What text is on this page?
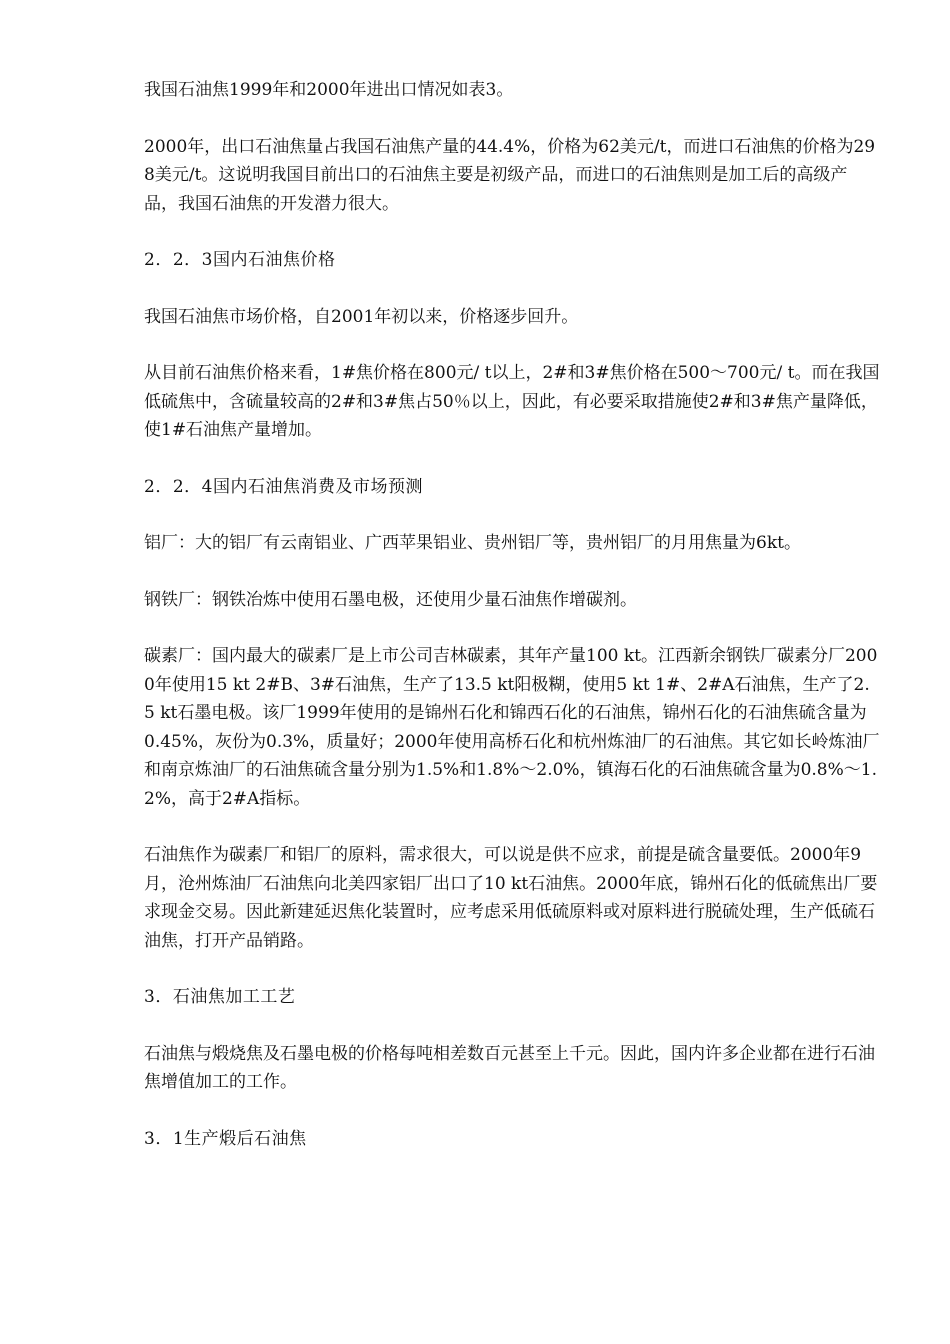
我国石油焦1999年和2000年进出口情况如表3。

2000年，出口石油焦量占我国石油焦产量的44.4%，价格为62美元/t，而进口石油焦的价格为298美元/t。这说明我国目前出口的石油焦主要是初级产品，而进口的石油焦则是加工后的高级产品，我国石油焦的开发潜力很大。

2．2．3国内石油焦价格

我国石油焦市场价格，自2001年初以来，价格逐步回升。

从目前石油焦价格来看，1#焦价格在800元/ t以上，2#和3#焦价格在500～700元/ t。而在我国低硫焦中，含硫量较高的2#和3#焦占50％以上，因此，有必要采取措施使2#和3#焦产量降低，使1#石油焦产量增加。

2．2．4国内石油焦消费及市场预测

铝厂：大的铝厂有云南铝业、广西苹果铝业、贵州铝厂等，贵州铝厂的月用焦量为6kt。

钢铁厂：钢铁冶炼中使用石墨电极，还使用少量石油焦作增碳剂。

碳素厂：国内最大的碳素厂是上市公司吉林碳素，其年产量100 kt。江西新余钢铁厂碳素分厂2000年使用15 kt 2#B、3#石油焦，生产了13.5 kt阳极糊，使用5 kt 1#、2#A石油焦，生产了2.5 kt石墨电极。该厂1999年使用的是锦州石化和锦西石化的石油焦，锦州石化的石油焦硫含量为0.45%，灰份为0.3%，质量好；2000年使用高桥石化和杭州炼油厂的石油焦。其它如长岭炼油厂和南京炼油厂的石油焦硫含量分别为1.5%和1.8%～2.0%，镇海石化的石油焦硫含量为0.8%～1.2%，高于2#A指标。

石油焦作为碳素厂和铝厂的原料，需求很大，可以说是供不应求，前提是硫含量要低。2000年9月，沧州炼油厂石油焦向北美四家铝厂出口了10 kt石油焦。2000年底，锦州石化的低硫焦出厂要求现金交易。因此新建延迟焦化装置时，应考虑采用低硫原料或对原料进行脱硫处理，生产低硫石油焦，打开产品销路。

3．石油焦加工工艺

石油焦与煅烧焦及石墨电极的价格每吨相差数百元甚至上千元。因此，国内许多企业都在进行石油焦增值加工的工作。

3．1生产煅后石油焦
